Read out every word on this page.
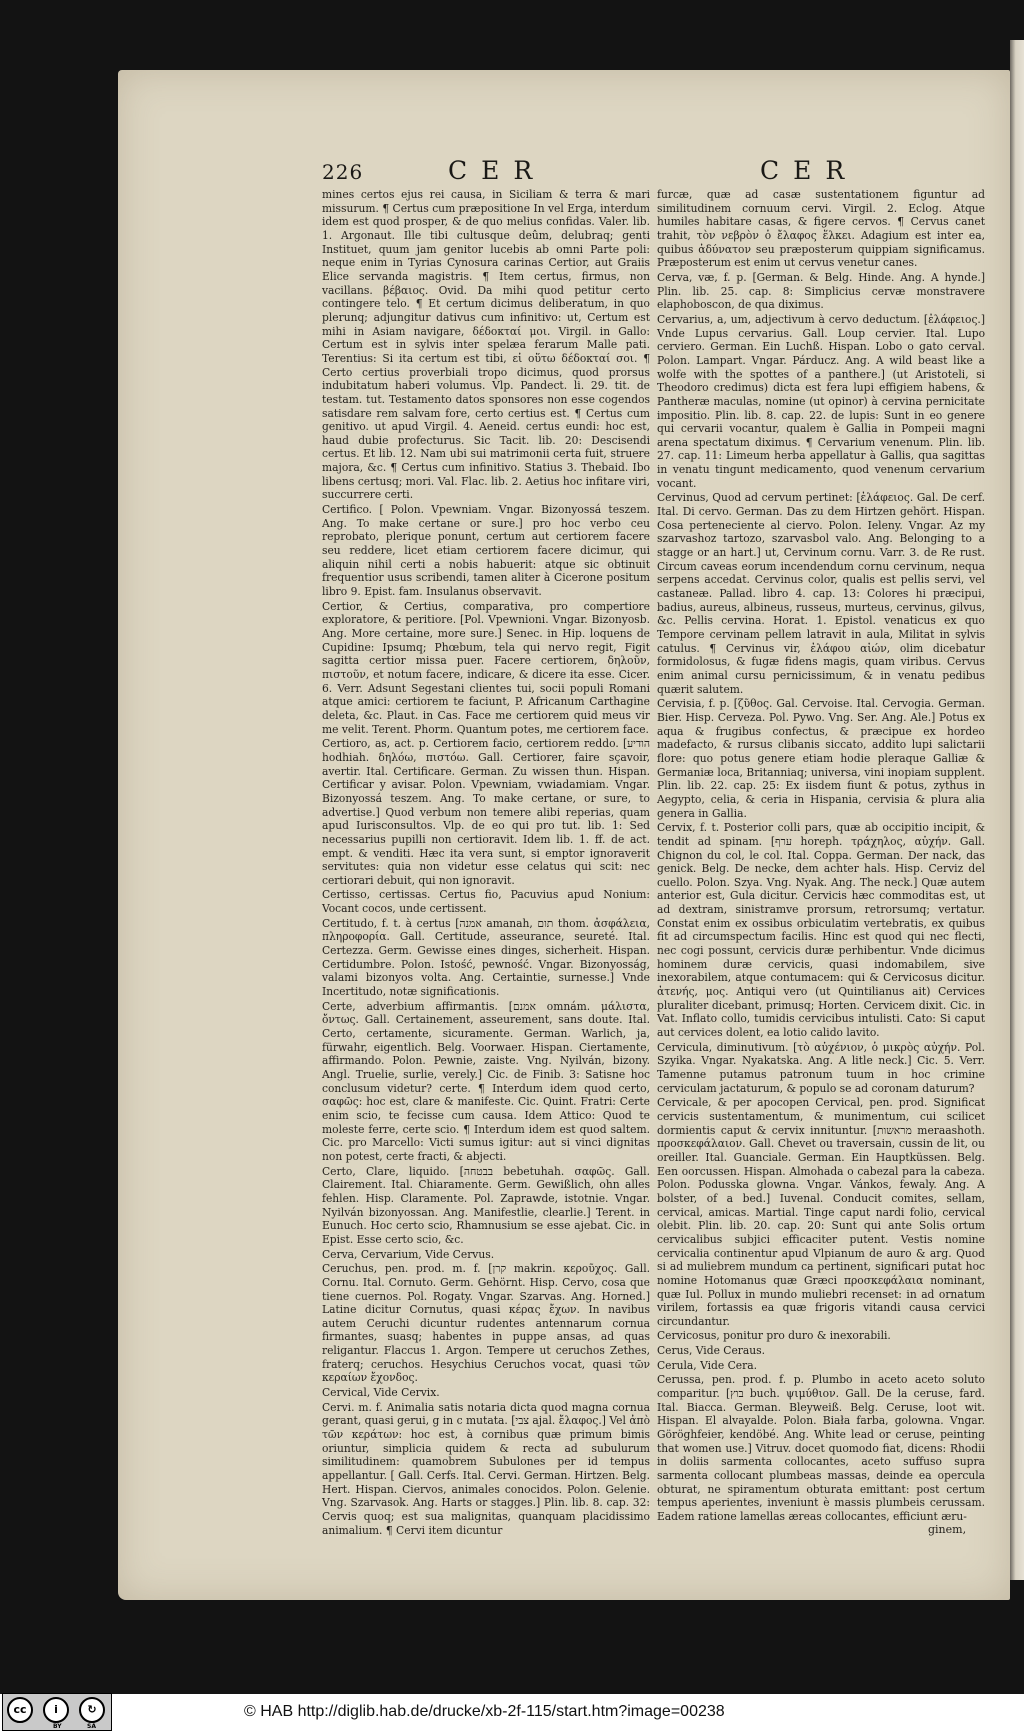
226	CER	CER

mines certos ejus rei causa, in Siciliam & terra & mari missurum. ¶ Certus cum præpositione In vel Erga, interdum idem est quod prosper, & de quo melius confidas. Valer. lib. 1. Argonaut. Ille tibi cultusque deûm, delubraq; genti Instituet, quum jam genitor lucebis ab omni Parte poli: neque enim in Tyrias Cynosura carinas Certior, aut Graiis Elice servanda magistris. ¶ Item certus, firmus, non vacillans. βέβαιος. Ovid. Da mihi quod petitur certo contingere telo. ¶ Et certum dicimus deliberatum, in quo plerunq; adjungitur dativus cum infinitivo: ut, Certum est mihi in Asiam navigare, δέδοκταί μοι. Virgil. in Gallo: Certum est in sylvis inter spelæa ferarum Malle pati. Terentius: Si ita certum est tibi, εἰ οὕτω δέδοκταί σοι. ¶ Certo certius proverbiali tropo dicimus, quod prorsus indubitatum haberi volumus. Vlp. Pandect. li. 29. tit. de testam. tut. Testamento datos sponsores non esse cogendos satisdare rem salvam fore, certo certius est. ¶ Certus cum genitivo. ut apud Virgil. 4. Aeneid. certus eundi: hoc est, haud dubie profecturus. Sic Tacit. lib. 20: Descisendi certus. Et lib. 12. Nam ubi sui matrimonii certa fuit, struere majora, &c. ¶ Certus cum infinitivo. Statius 3. Thebaid. Ibo libens certusq; mori. Val. Flac. lib. 2. Aetius hoc infitare viri, succurrere certi.

Certifico. [ Polon. Vpewniam. Vngar. Bizonyossá teszem. Ang. To make certane or sure.] pro hoc verbo ceu reprobato, plerique ponunt, certum aut certiorem facere seu reddere, licet etiam certiorem facere dicimur, qui aliquin nihil certi a nobis habuerit: atque sic obtinuit frequentior usus scribendi, tamen aliter à Cicerone positum libro 9. Epist. fam. Insulanus observavit.

Certior, & Certius, comparativa, pro compertiore exploratore, & peritiore. [Pol. Vpewnioni. Vngar. Bizonyosb. Ang. More certaine, more sure.] Senec. in Hip. loquens de Cupidine: Ipsumq; Phœbum, tela qui nervo regit, Figit sagitta certior missa puer. Facere certiorem, δηλοῦν, πιστοῦν, et notum facere, indicare, & dicere ita esse. Cicer. 6. Verr. Adsunt Segestani clientes tui, socii populi Romani atque amici: certiorem te faciunt, P. Africanum Carthagine deleta, &c. Plaut. in Cas. Face me certiorem quid meus vir me velit. Terent. Phorm. Quantum potes, me certiorem face.

Certioro, as, act. p. Certiorem facio, certiorem reddo. [הודיע hodhiah. δηλόω, πιστόω. Gall. Certiorer, faire sçavoir, avertir. Ital. Certificare. German. Zu wissen thun. Hispan. Certificar y avisar. Polon. Vpewniam, vwiadamiam. Vngar. Bizonyossá teszem. Ang. To make certane, or sure, to advertise.] Quod verbum non temere alibi reperias, quam apud Iurisconsultos. Vlp. de eo qui pro tut. lib. 1: Sed necessarius pupilli non certioravit. Idem lib. 1. ff. de act. empt. & venditi. Hæc ita vera sunt, si emptor ignoraverit servitutes: quia non videtur esse celatus qui scit: nec certiorari debuit, qui non ignoravit.

Certisso, certissas. Certus fio, Pacuvius apud Nonium: Vocant cocos, unde certissent.

Certitudo, f. t. à certus [אמנה amanah, תום thom. ἀσφάλεια, πληροφορία. Gall. Certitude, asseurance, seureté. Ital. Certezza. Germ. Gewisse eines dinges, sicherheit. Hispan. Certidumbre. Polon. Istość, pewność. Vngar. Bizonyosság, valami bizonyos volta. Ang. Certaintie, surnesse.] Vnde Incertitudo, notæ significationis.

Certe, adverbium affirmantis. [אמנם omnám. μάλιστα, ὄντως. Gall. Certainement, asseurement, sans doute. Ital. Certo, certamente, sicuramente. German. Warlich, ja, fürwahr, eigentlich. Belg. Voorwaer. Hispan. Ciertamente, affirmando. Polon. Pewnie, zaiste. Vng. Nyilván, bizony. Angl. Truelie, surlie, verely.] Cic. de Finib. 3: Satisne hoc conclusum videtur? certe. ¶ Interdum idem quod certo, σαφῶς: hoc est, clare & manifeste. Cic. Quint. Fratri: Certe enim scio, te fecisse cum causa. Idem Attico: Quod te moleste ferre, certe scio. ¶ Interdum idem est quod saltem. Cic. pro Marcello: Victi sumus igitur: aut si vinci dignitas non potest, certe fracti, & abjecti.

Certo, Clare, liquido. [בבטחה bebetuhah. σαφῶς. Gall. Clairement. Ital. Chiaramente. Germ. Gewißlich, ohn alles fehlen. Hisp. Claramente. Pol. Zaprawde, istotnie. Vngar. Nyilván bizonyossan. Ang. Manifestlie, clearlie.] Terent. in Eunuch. Hoc certo scio, Rhamnusium se esse ajebat. Cic. in Epist. Esse certo scio, &c.

Cerva, Cervarium, Vide Cervus.

Ceruchus, pen. prod. m. f. [קרן makrin. κεροῦχος. Gall. Cornu. Ital. Cornuto. Germ. Gehörnt. Hisp. Cervo, cosa que tiene cuernos. Pol. Rogaty. Vngar. Szarvas. Ang. Horned.] Latine dicitur Cornutus, quasi κέρας ἔχων. In navibus autem Ceruchi dicuntur rudentes antennarum cornua firmantes, suasq; habentes in puppe ansas, ad quas religantur. Flaccus 1. Argon. Tempere ut ceruchos Zethes, fraterq; ceruchos. Hesychius Ceruchos vocat, quasi τῶν κεραίων ἔχονδος.

Cervical, Vide Cervix.

Cervi. m. f. Animalia satis notaria dicta quod magna cornua gerant, quasi gerui, g in c mutata. [צבי ajal. ἔλαφος.] Vel ἀπὸ τῶν κεράτων: hoc est, à cornibus quæ primum bimis oriuntur, simplicia quidem & recta ad subulurum similitudinem: quamobrem Subulones per id tempus appellantur. [ Gall. Cerfs. Ital. Cervi. German. Hirtzen. Belg. Hert. Hispan. Ciervos, animales conocidos. Polon. Gelenie. Vng. Szarvasok. Ang. Harts or stagges.] Plin. lib. 8. cap. 32: Cervis quoq; est sua malignitas, quanquam placidissimo animalium. ¶ Cervi item dicuntur

furcæ, quæ ad casæ sustentationem figuntur ad similitudinem cornuum cervi. Virgil. 2. Eclog. Atque humiles habitare casas, & figere cervos. ¶ Cervus canet trahit, τὸν νεβρὸν ὁ ἔλαφος ἕλκει. Adagium est inter ea, quibus ἀδύνατον seu præposterum quippiam significamus. Præposterum est enim ut cervus venetur canes.

Cerva, væ, f. p. [German. & Belg. Hinde. Ang. A hynde.] Plin. lib. 25. cap. 8: Simplicius cervæ monstravere elaphoboscon, de qua diximus.

Cervarius, a, um, adjectivum à cervo deductum. [ἐλάφειος.] Vnde Lupus cervarius. Gall. Loup cervier. Ital. Lupo cerviero. German. Ein Luchß. Hispan. Lobo o gato cerval. Polon. Lampart. Vngar. Párducz. Ang. A wild beast like a wolfe with the spottes of a panthere.] (ut Aristoteli, si Theodoro credimus) dicta est fera lupi effigiem habens, & Pantheræ maculas, nomine (ut opinor) à cervina pernicitate impositio. Plin. lib. 8. cap. 22. de lupis: Sunt in eo genere qui cervarii vocantur, qualem è Gallia in Pompeii magni arena spectatum diximus. ¶ Cervarium venenum. Plin. lib. 27. cap. 11: Limeum herba appellatur à Gallis, qua sagittas in venatu tingunt medicamento, quod venenum cervarium vocant.

Cervinus, Quod ad cervum pertinet: [ἐλάφειος. Gal. De cerf. Ital. Di cervo. German. Das zu dem Hirtzen gehört. Hispan. Cosa perteneciente al ciervo. Polon. Ieleny. Vngar. Az my szarvashoz tartozo, szarvasbol valo. Ang. Belonging to a stagge or an hart.] ut, Cervinum cornu. Varr. 3. de Re rust. Circum caveas eorum incendendum cornu cervinum, nequa serpens accedat. Cervinus color, qualis est pellis servi, vel castaneæ. Pallad. libro 4. cap. 13: Colores hi præcipui, badius, aureus, albineus, russeus, murteus, cervinus, gilvus, &c. Pellis cervina. Horat. 1. Epistol. venaticus ex quo Tempore cervinam pellem latravit in aula, Militat in sylvis catulus. ¶ Cervinus vir, ἐλάφου αἰών, olim dicebatur formidolosus, & fugæ fidens magis, quam viribus. Cervus enim animal cursu pernicissimum, & in venatu pedibus quærit salutem.

Cervisia, f. p. [ζῦθος. Gal. Cervoise. Ital. Cervogia. German. Bier. Hisp. Cerveza. Pol. Pywo. Vng. Ser. Ang. Ale.] Potus ex aqua & frugibus confectus, & præcipue ex hordeo madefacto, & rursus clibanis siccato, addito lupi salictarii flore: quo potus genere etiam hodie pleraque Galliæ & Germaniæ loca, Britanniaq; universa, vini inopiam supplent. Plin. lib. 22. cap. 25: Ex iisdem fiunt & potus, zythus in Aegypto, celia, & ceria in Hispania, cervisia & plura alia genera in Gallia.

Cervix, f. t. Posterior colli pars, quæ ab occipitio incipit, & tendit ad spinam. [ערף horeph. τράχηλος, αὐχήν. Gall. Chignon du col, le col. Ital. Coppa. German. Der nack, das genick. Belg. De necke, dem achter hals. Hisp. Cerviz del cuello. Polon. Szya. Vng. Nyak. Ang. The neck.] Quæ autem anterior est, Gula dicitur. Cervicis hæc commoditas est, ut ad dextram, sinistramve prorsum, retrorsumq; vertatur. Constat enim ex ossibus orbiculatim vertebratis, ex quibus fit ad circumspectum facilis. Hinc est quod qui nec flecti, nec cogi possunt, cervicis duræ perhibentur. Vnde dicimus hominem duræ cervicis, quasi indomabilem, sive inexorabilem, atque contumacem: qui & Cervicosus dicitur. ἀτενής, μος. Antiqui vero (ut Quintilianus ait) Cervices pluraliter dicebant, primusq; Horten. Cervicem dixit. Cic. in Vat. Inflato collo, tumidis cervicibus intulisti. Cato: Si caput aut cervices dolent, ea lotio calido lavito.

Cervicula, diminutivum. [τὸ αὐχένιον, ὁ μικρὸς αὐχήν. Pol. Szyika. Vngar. Nyakatska. Ang. A litle neck.] Cic. 5. Verr. Tamenne putamus patronum tuum in hoc crimine cerviculam jactaturum, & populo se ad coronam daturum?

Cervicale, & per apocopen Cervical, pen. prod. Significat cervicis sustentamentum, & munimentum, cui scilicet dormientis caput & cervix innituntur. [מראשות meraashoth. προσκεφάλαιον. Gall. Chevet ou traversain, cussin de lit, ou oreiller. Ital. Guanciale. German. Ein Hauptküssen. Belg. Een oorcussen. Hispan. Almohada o cabezal para la cabeza. Polon. Podusska glowna. Vngar. Vánkos, fewaly. Ang. A bolster, of a bed.] Iuvenal. Conducit comites, sellam, cervical, amicas. Martial. Tinge caput nardi folio, cervical olebit. Plin. lib. 20. cap. 20: Sunt qui ante Solis ortum cervicalibus subjici efficaciter putent. Vestis nomine cervicalia continentur apud Vlpianum de auro & arg. Quod si ad muliebrem mundum ca pertinent, significari putat hoc nomine Hotomanus quæ Græci προσκεφάλαια nominant, quæ Iul. Pollux in mundo muliebri recenset: in ad ornatum virilem, fortassis ea quæ frigoris vitandi causa cervici circundantur.

Cervicosus, ponitur pro duro & inexorabili.

Cerus, Vide Ceraus.

Cerula, Vide Cera.

Cerussa, pen. prod. f. p. Plumbo in aceto aceto soluto comparitur. [בוץ buch. ψιμύθιον. Gall. De la ceruse, fard. Ital. Biacca. German. Bleyweiß. Belg. Ceruse, loot wit. Hispan. El alvayalde. Polon. Biała farba, golowna. Vngar. Göröghfeier, kendöbé. Ang. White lead or ceruse, peinting that women use.] Vitruv. docet quomodo fiat, dicens: Rhodii in doliis sarmenta collocantes, aceto suffuso supra sarmenta collocant plumbeas massas, deinde ea opercula obturat, ne spiramentum obturata emittant: post certum tempus aperientes, inveniunt è massis plumbeis cerussam. Eadem ratione lamellas æreas collocantes, efficiunt æru-

ginem,
cc	i	↻
BY	SA
© HAB http://diglib.hab.de/drucke/xb-2f-115/start.htm?image=00238
